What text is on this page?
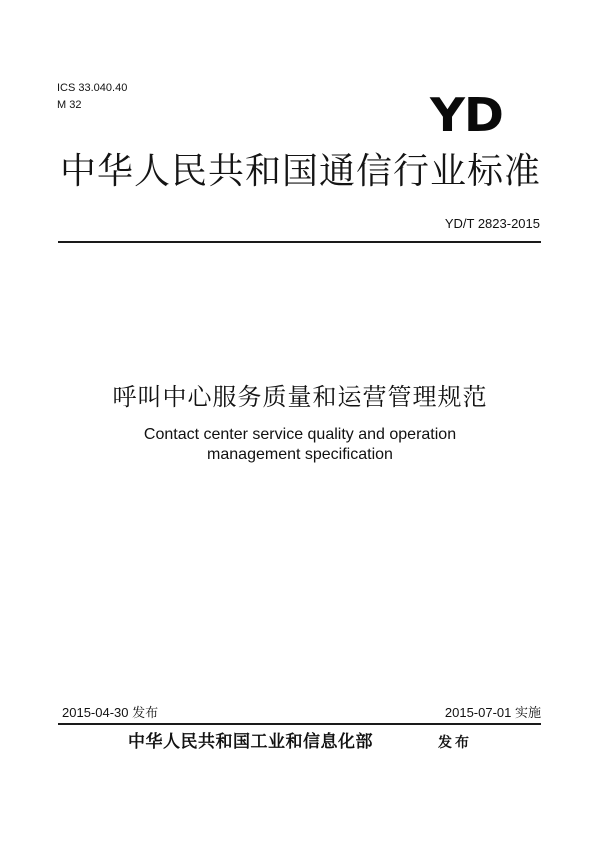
ICS 33.040.40
M 32	YD
中华人民共和国通信行业标准
YD/T 2823-2015
呼叫中心服务质量和运营管理规范
Contact center service quality and operation
management specification
2015-04-30 发布	2015-07-01 实施
中华人民共和国工业和信息化部	发布
